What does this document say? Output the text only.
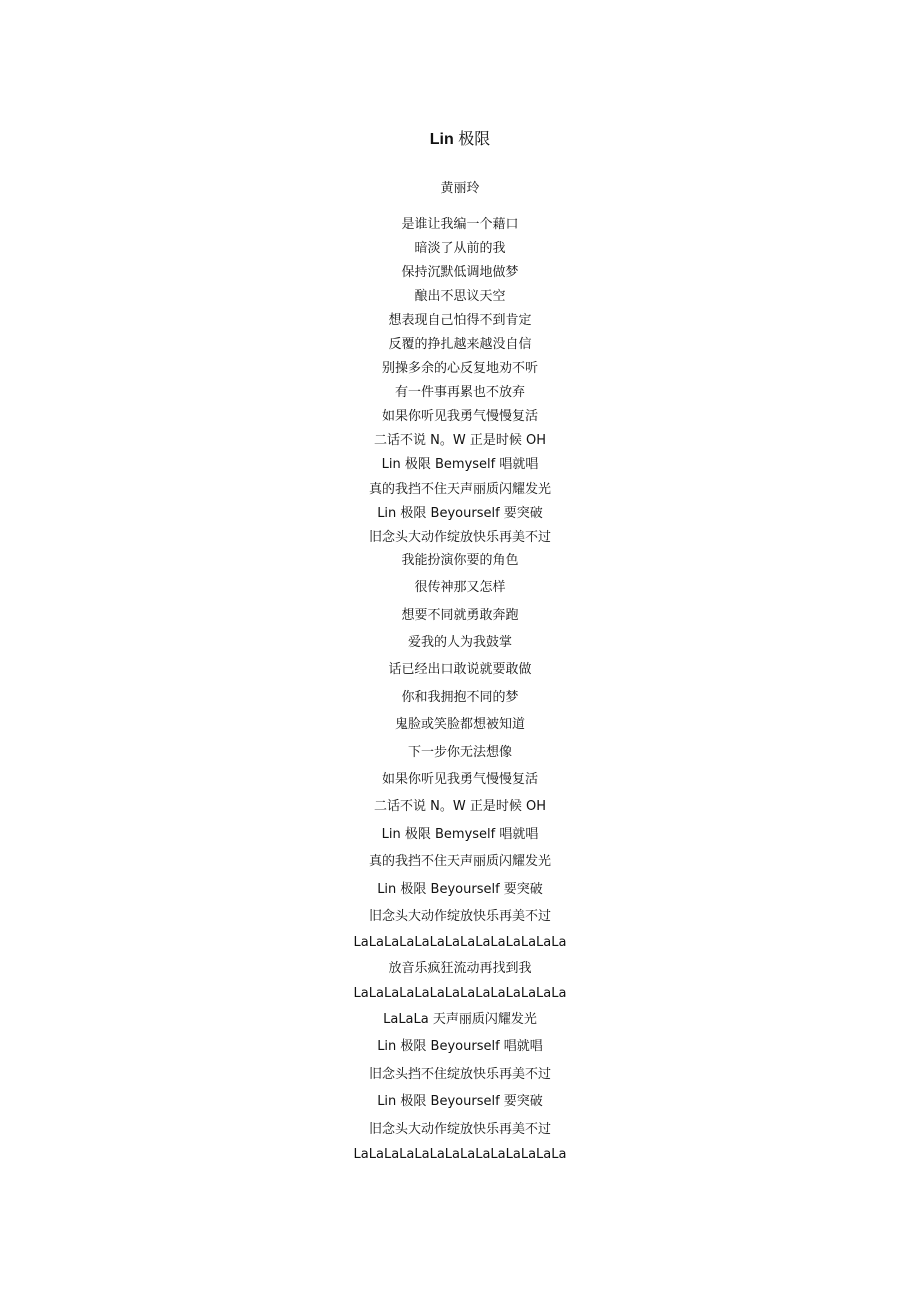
Lin 极限
黄丽玲
是谁让我编一个藉口
暗淡了从前的我
保持沉默低调地做梦
酿出不思议天空
想表现自己怕得不到肯定
反覆的挣扎越来越没自信
别操多余的心反复地劝不听
有一件事再累也不放弃
如果你听见我勇气慢慢复活
二话不说 N。W 正是时候 OH
Lin 极限 Bemyself 唱就唱
真的我挡不住天声丽质闪耀发光
Lin 极限 Beyourself 要突破
旧念头大动作绽放快乐再美不过
我能扮演你要的角色
很传神那又怎样
想要不同就勇敢奔跑
爱我的人为我鼓掌
话已经出口敢说就要敢做
你和我拥抱不同的梦
鬼脸或笑脸都想被知道
下一步你无法想像
如果你听见我勇气慢慢复活
二话不说 N。W 正是时候 OH
Lin 极限 Bemyself 唱就唱
真的我挡不住天声丽质闪耀发光
Lin 极限 Beyourself 要突破
旧念头大动作绽放快乐再美不过
LaLaLaLaLaLaLaLaLaLaLaLaLaLa
放音乐疯狂流动再找到我
LaLaLaLaLaLaLaLaLaLaLaLaLaLa
LaLaLa 天声丽质闪耀发光
Lin 极限 Beyourself 唱就唱
旧念头挡不住绽放快乐再美不过
Lin 极限 Beyourself 要突破
旧念头大动作绽放快乐再美不过
LaLaLaLaLaLaLaLaLaLaLaLaLaLa
